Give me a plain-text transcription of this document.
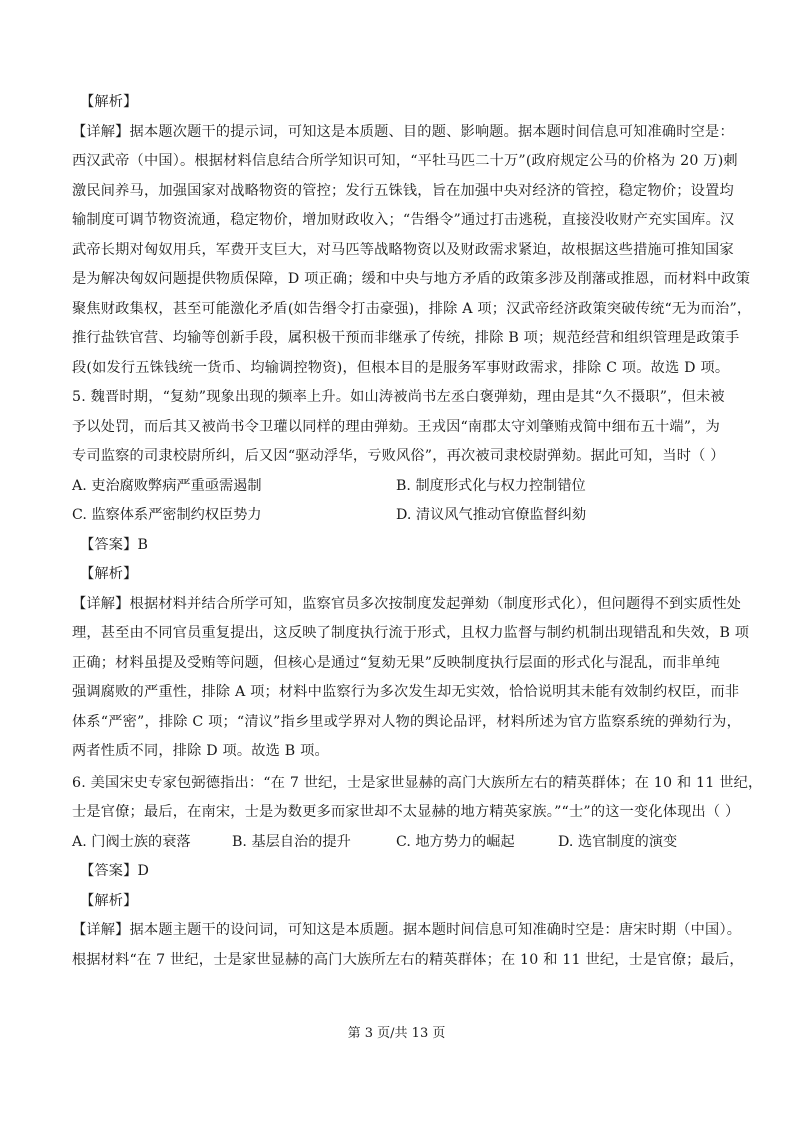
【解析】
【详解】据本题次题干的提示词，可知这是本质题、目的题、影响题。据本题时间信息可知准确时空是：
西汉武帝（中国）。根据材料信息结合所学知识可知，“平牡马匹二十万”(政府规定公马的价格为 20 万)刺
激民间养马，加强国家对战略物资的管控；发行五铢钱，旨在加强中央对经济的管控，稳定物价；设置均
输制度可调节物资流通，稳定物价，增加财政收入；“告缗令”通过打击逃税，直接没收财产充实国库。汉
武帝长期对匈奴用兵，军费开支巨大，对马匹等战略物资以及财政需求紧迫，故根据这些措施可推知国家
是为解决匈奴问题提供物质保障，D 项正确；缓和中央与地方矛盾的政策多涉及削藩或推恩，而材料中政策
聚焦财政集权，甚至可能激化矛盾(如告缗令打击豪强)，排除 A 项；汉武帝经济政策突破传统“无为而治”，
推行盐铁官营、均输等创新手段，属积极干预而非继承了传统，排除 B 项；规范经营和组织管理是政策手
段(如发行五铢钱统一货币、均输调控物资)，但根本目的是服务军事财政需求，排除 C 项。故选 D 项。
5. 魏晋时期，“复劾”现象出现的频率上升。如山涛被尚书左丞白褒弹劾，理由是其“久不摄职”，但未被
予以处罚，而后其又被尚书令卫瓘以同样的理由弹劾。王戎因“南郡太守刘肇贿戎简中细布五十端”，为
专司监察的司隶校尉所纠，后又因“驱动浮华，亏败风俗”，再次被司隶校尉弹劾。据此可知，当时（ ）
A. 吏治腐败弊病严重亟需遏制	B. 制度形式化与权力控制错位
C. 监察体系严密制约权臣势力	D. 清议风气推动官僚监督纠劾
【答案】B
【解析】
【详解】根据材料并结合所学可知，监察官员多次按制度发起弹劾（制度形式化），但问题得不到实质性处
理，甚至由不同官员重复提出，这反映了制度执行流于形式，且权力监督与制约机制出现错乱和失效，B 项
正确；材料虽提及受贿等问题，但核心是通过“复劾无果”反映制度执行层面的形式化与混乱，而非单纯
强调腐败的严重性，排除 A 项；材料中监察行为多次发生却无实效，恰恰说明其未能有效制约权臣，而非
体系“严密”，排除 C 项；“清议”指乡里或学界对人物的舆论品评，材料所述为官方监察系统的弹劾行为，
两者性质不同，排除 D 项。故选 B 项。
6. 美国宋史专家包弼德指出：“在 7 世纪，士是家世显赫的高门大族所左右的精英群体；在 10 和 11 世纪，
士是官僚；最后，在南宋，士是为数更多而家世却不太显赫的地方精英家族。”“士”的这一变化体现出（ ）
A. 门阀士族的衰落	B. 基层自治的提升	C. 地方势力的崛起	D. 选官制度的演变
【答案】D
【解析】
【详解】据本题主题干的设问词，可知这是本质题。据本题时间信息可知准确时空是：唐宋时期（中国）。
根据材料“在 7 世纪，士是家世显赫的高门大族所左右的精英群体；在 10 和 11 世纪，士是官僚；最后，
第 3 页/共 13 页
